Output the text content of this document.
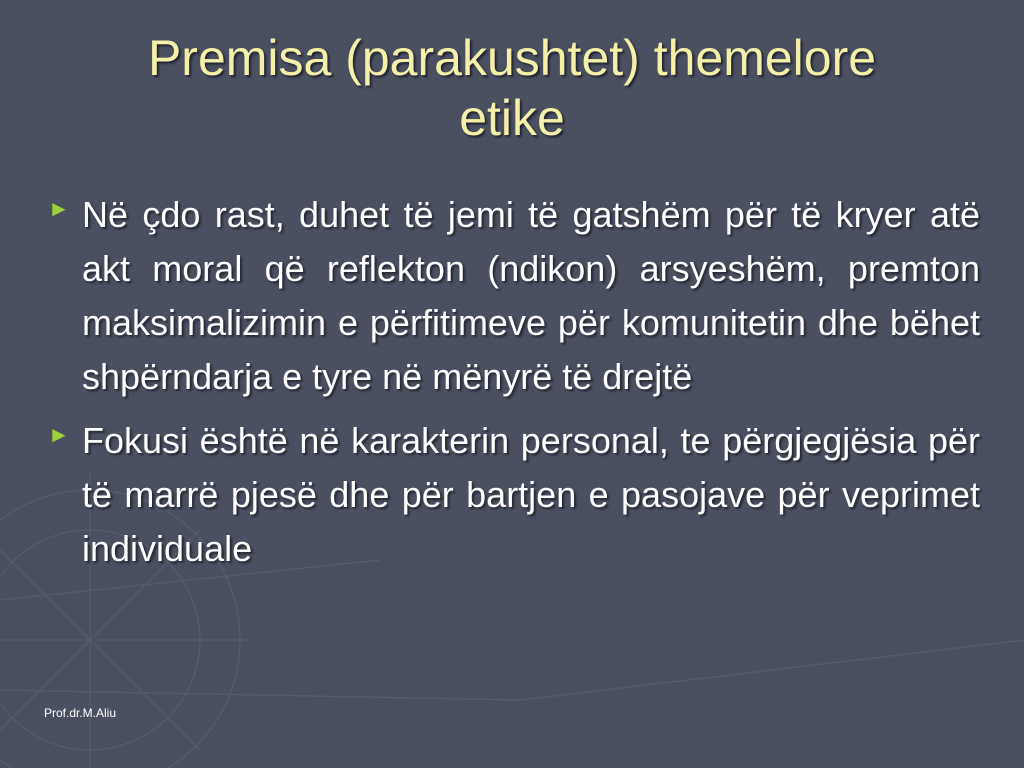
Premisa (parakushtet) themelore
etike
► Në çdo rast, duhet të jemi të gatshëm për të kryer atë akt moral që reflekton (ndikon) arsyeshëm, premton maksimalizimin e përfitimeve për komunitetin dhe bëhet shpërndarja e tyre në mënyrë të drejtë
► Fokusi është në karakterin personal, te përgjegjësia për të marrë pjesë dhe për bartjen e pasojave për veprimet individuale
Prof.dr.M.Aliu
